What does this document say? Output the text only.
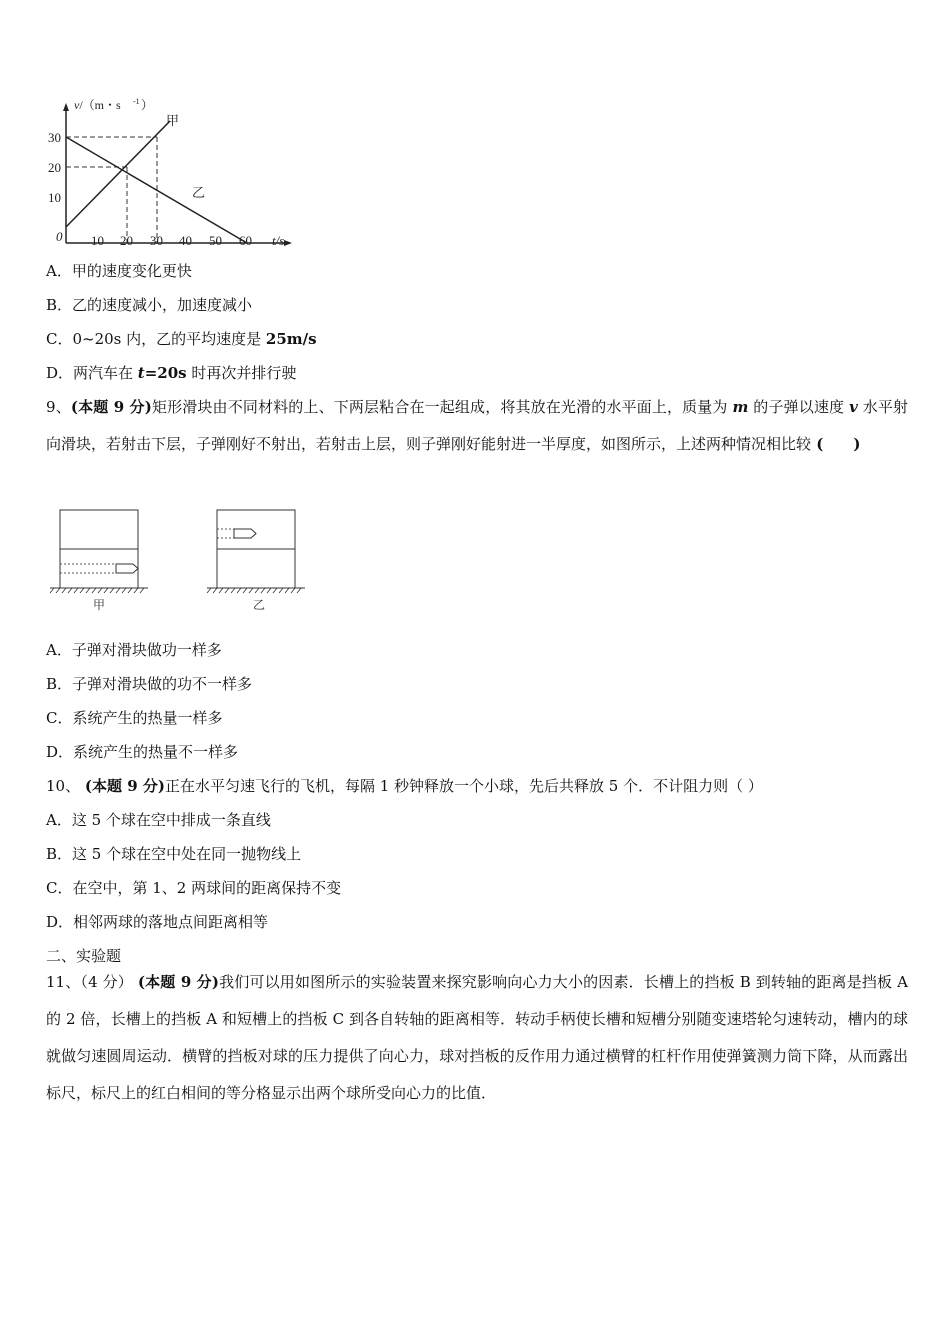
v/（m・s -1 ）
甲
乙
0 10 20 30 40 50 60 t/s
10
20
30
A．甲的速度变化更快
B．乙的速度减小，加速度减小
C．0~20s 内，乙的平均速度是 25m/s
D．两汽车在 t=20s 时再次并排行驶
9、(本题 9 分)矩形滑块由不同材料的上、下两层粘合在一起组成，将其放在光滑的水平面上，质量为 m 的子弹以速度 v 水平射向滑块，若射击下层，子弹刚好不射出，若射击上层，则子弹刚好能射进一半厚度，如图所示，上述两种情况相比较 (　　)
甲	乙
A．子弹对滑块做功一样多
B．子弹对滑块做的功不一样多
C．系统产生的热量一样多
D．系统产生的热量不一样多
10、 (本题 9 分)正在水平匀速飞行的飞机，每隔 1 秒钟释放一个小球，先后共释放 5 个．不计阻力则（ ）
A．这 5 个球在空中排成一条直线
B．这 5 个球在空中处在同一抛物线上
C．在空中，第 1、2 两球间的距离保持不变
D．相邻两球的落地点间距离相等
二、实验题
11、（4 分） (本题 9 分)我们可以用如图所示的实验装置来探究影响向心力大小的因素．长槽上的挡板 B 到转轴的距离是挡板 A 的 2 倍，长槽上的挡板 A 和短槽上的挡板 C 到各自转轴的距离相等．转动手柄使长槽和短槽分别随变速塔轮匀速转动，槽内的球就做匀速圆周运动．横臂的挡板对球的压力提供了向心力，球对挡板的反作用力通过横臂的杠杆作用使弹簧测力筒下降，从而露出标尺，标尺上的红白相间的等分格显示出两个球所受向心力的比值．
